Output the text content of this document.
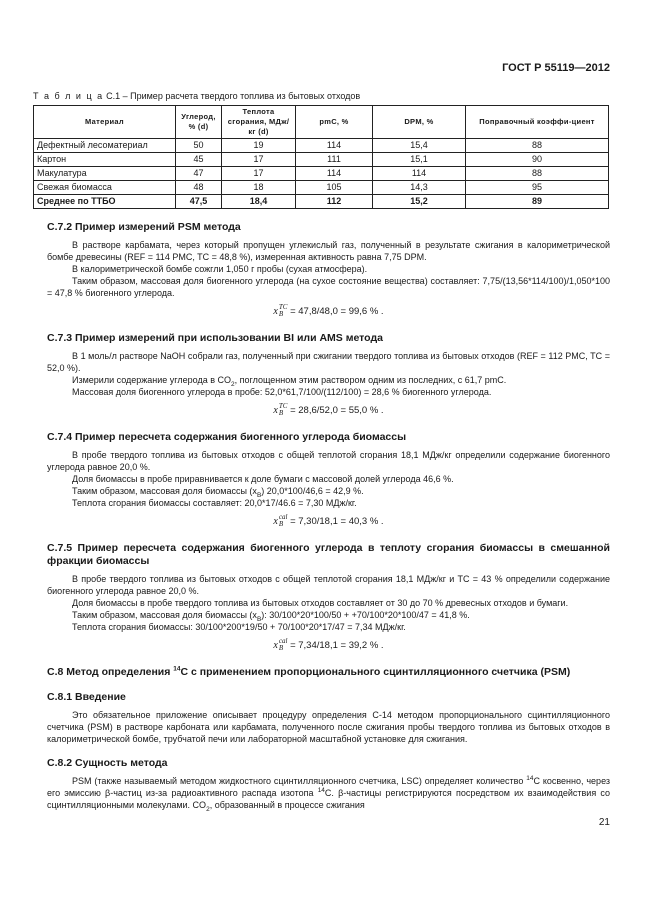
ГОСТ Р 55119—2012
Т а б л и ц а С.1 – Пример расчета твердого топлива из бытовых отходов
Материал	Углерод, % (d)	Теплота сгорания, МДж/кг (d)	pmC, %	DPM, %	Поправочный коэффи-циент
Дефектный лесоматериал	50	19	114	15,4	88
Картон	45	17	111	15,1	90
Макулатура	47	17	114	114	88
Свежая биомасса	48	18	105	14,3	95
Среднее по ТТБО	47,5	18,4	112	15,2	89
С.7.2 Пример измерений PSM метода

В растворе карбамата, через который пропущен углекислый газ, полученный в результате сжигания в калориметрической бомбе древесины (REF = 114 PMC, TC = 48,8 %), измеренная активность равна 7,75 DPM.

В калориметрической бомбе сожгли 1,050 г пробы (сухая атмосфера).

Таким образом, массовая доля биогенного углерода (на сухое состояние вещества) составляет: 7,75/(13,56*114/100)/1,050*100 = 47,8 % биогенного углерода.

x TC
B = 47,8/48,0 = 99,6 % .
С.7.3 Пример измерений при использовании BI или AMS метода

В 1 моль/л растворе NaOH собрали газ, полученный при сжигании твердого топлива из бытовых отходов (REF = 112 PMC, TC = 52,0 %).

Измерили содержание углерода в $CO_2$, поглощенном этим раствором одним из последних, с 61,7 pmC.

Массовая доля биогенного углерода в пробе: 52,0*61,7/100/(112/100) = 28,6 % биогенного углерода.

x TC
B = 28,6/52,0 = 55,0 % .
С.7.4 Пример пересчета содержания биогенного углерода биомассы

В пробе твердого топлива из бытовых отходов с общей теплотой сгорания 18,1 МДж/кг определили содержание биогенного углерода равное 20,0 %.

Доля биомассы в пробе приравнивается к доле бумаги с массовой долей углерода 46,6 %.

Таким образом, массовая доля биомассы $(x_B) 20,0*100/46,6 = 42,9$ %.

Теплота сгорания биомассы составляет: 20,0*17/46.6 = 7,30 МДж/кг.

x cal
B = 7,30/18,1 = 40,3 % .
С.7.5 Пример пересчета содержания биогенного углерода в теплоту сгорания биомассы в смешанной фракции биомассы

В пробе твердого топлива из бытовых отходов с общей теплотой сгорания 18,1 МДж/кг и TC = 43 % определили содержание биогенного углерода равное 20,0 %.

Доля биомассы в пробе твердого топлива из бытовых отходов составляет от 30 до 70 % древесных отходов и бумаги.

Таким образом, массовая доля биомассы $(x_B)$: 30/100*20*100/50 + +70/100*20*100/47 = 41,8 %.

Теплота сгорания биомассы: 30/100*200*19/50 + 70/100*20*17/47 = 7,34 МДж/кг.

x cal
B = 7,34/18,1 = 39,2 % .
С.8 Метод определения $^{14}$С с применением пропорционального сцинтилляционного счетчика (PSM)
С.8.1 Введение

Это обязательное приложение описывает процедуру определения С-14 методом пропорционального сцинтилляционного счетчика (PSM) в растворе карбоната или карбамата, полученного после сжигания пробы твердого топлива из бытовых отходов в калориметрической бомбе, трубчатой печи или лабораторной масштабной установке для сжигания.

С.8.2 Сущность метода

PSM (также называемый методом жидкостного сцинтилляционного счетчика, LSC) определяет количество $^{14}$С косвенно, через его эмиссию β-частиц из-за радиоактивного распада изотопа $^{14}$С. β-частицы регистрируются посредством их взаимодействия со сцинтилляционными молекулами. $CO_2$, образованный в процессе сжигания

21
